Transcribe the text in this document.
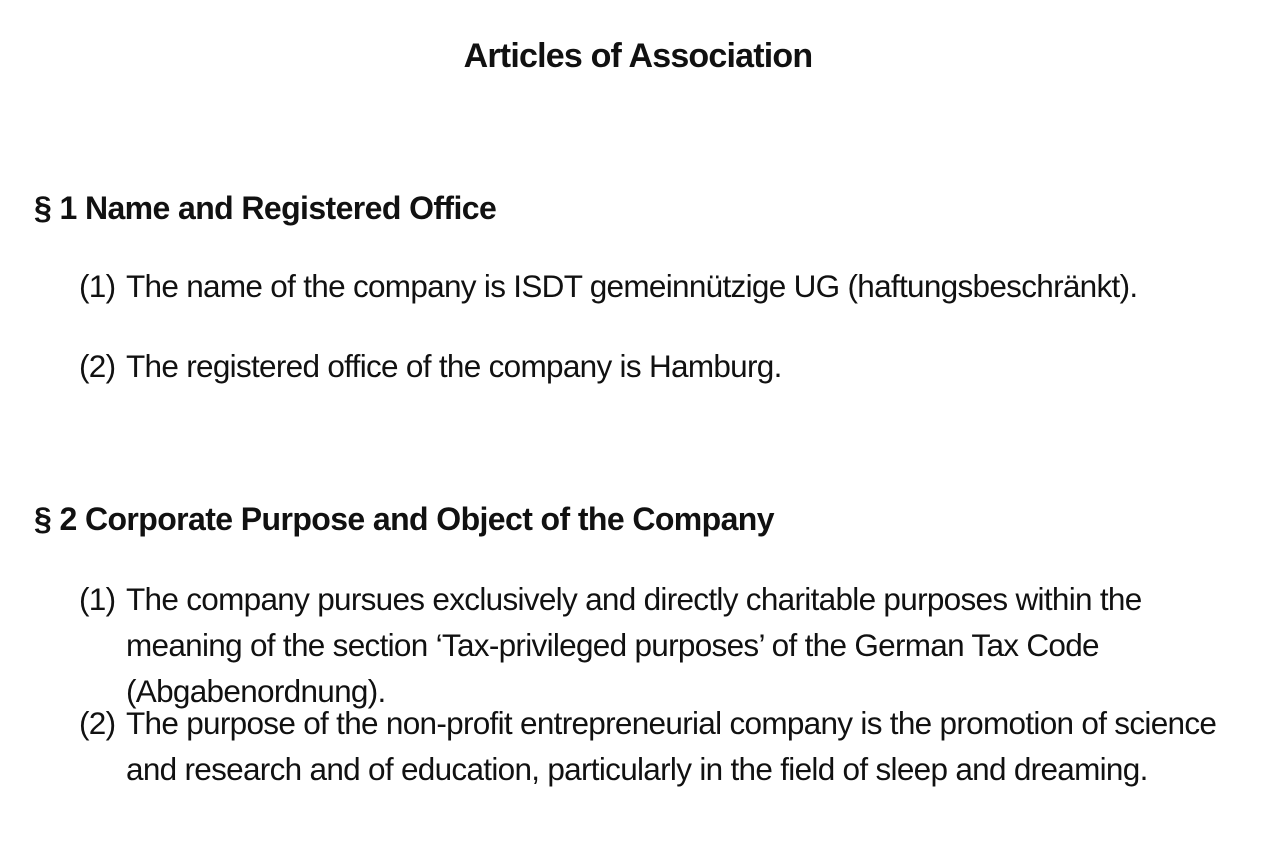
Articles of Association
§ 1 Name and Registered Office
(1) The name of the company is ISDT gemeinnützige UG (haftungsbeschränkt).
(2) The registered office of the company is Hamburg.
§ 2 Corporate Purpose and Object of the Company
(1) The company pursues exclusively and directly charitable purposes within the meaning of the section ‘Tax-privileged purposes’ of the German Tax Code (Abgabenordnung).
(2) The purpose of the non-profit entrepreneurial company is the promotion of science and research and of education, particularly in the field of sleep and dreaming.
